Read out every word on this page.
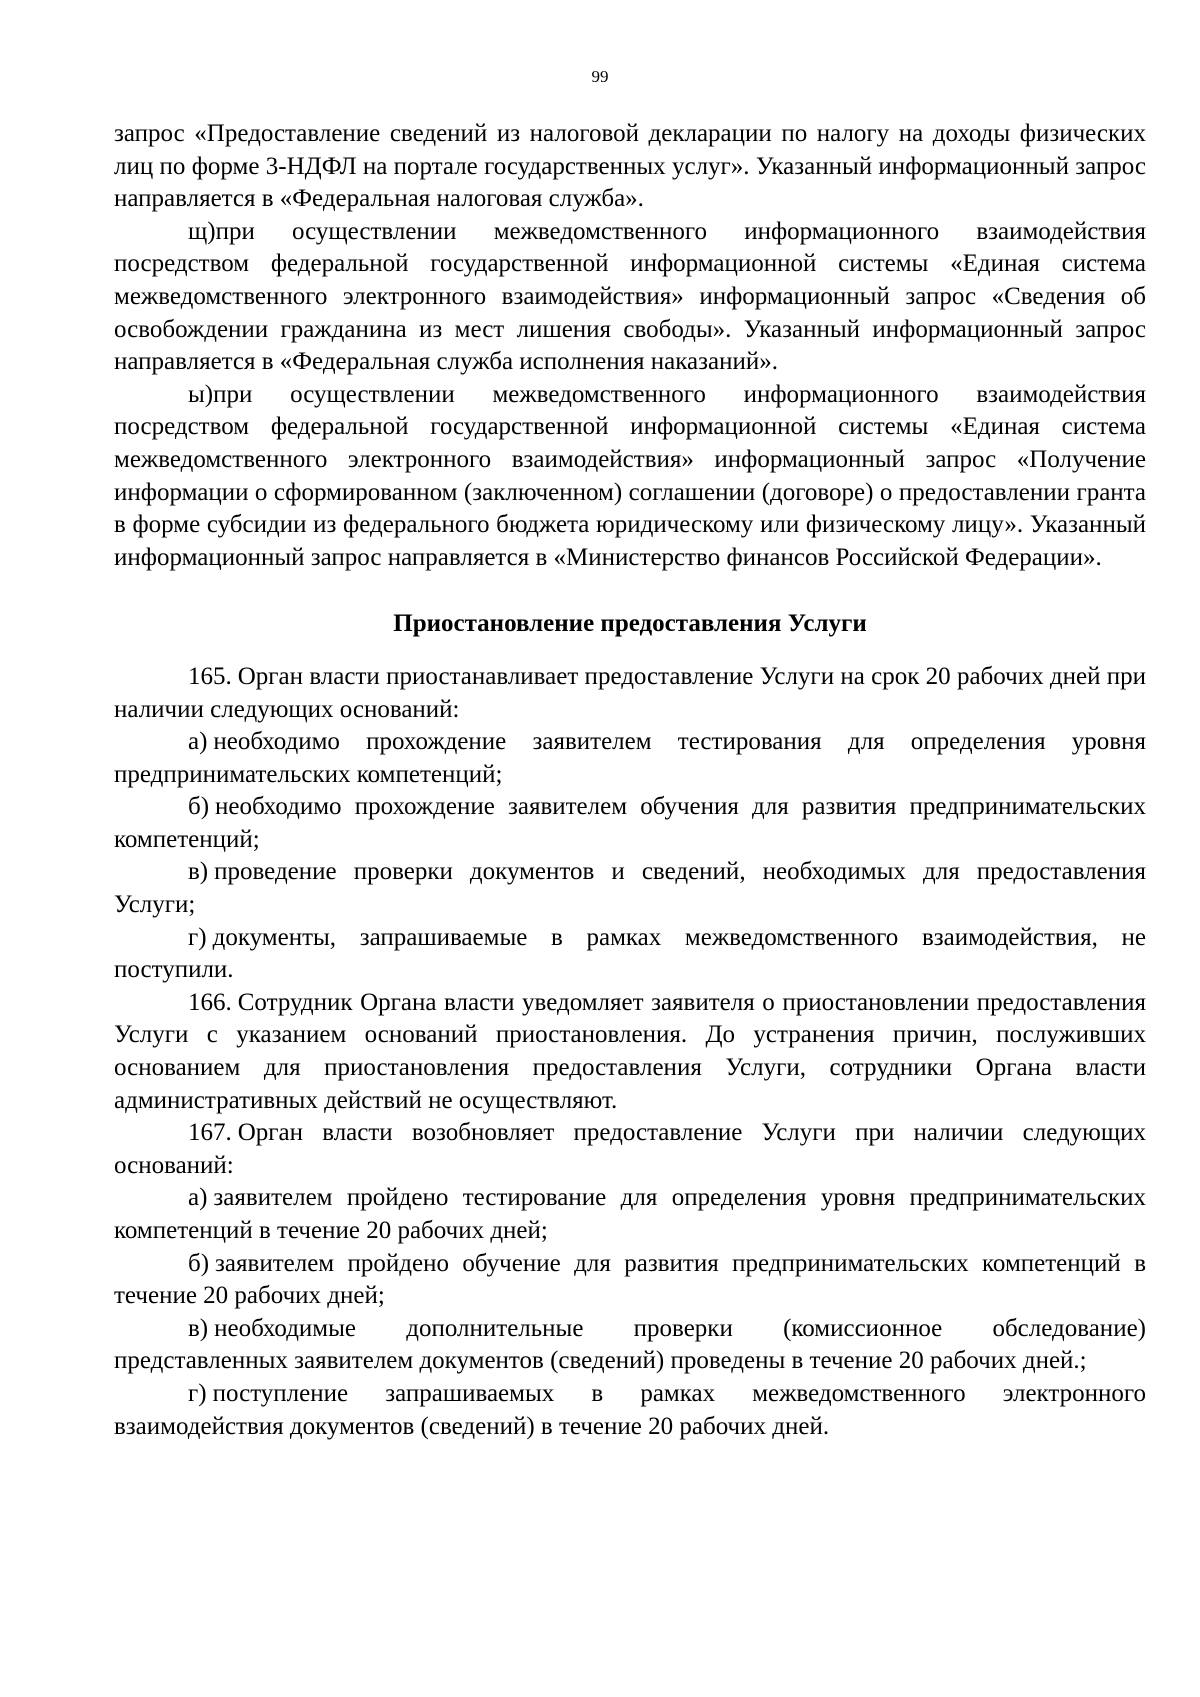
99

запрос «Предоставление сведений из налоговой декларации по налогу на доходы физических лиц по форме 3-НДФЛ на портале государственных услуг». Указанный информационный запрос направляется в «Федеральная налоговая служба».

щ)при осуществлении межведомственного информационного взаимодействия посредством федеральной государственной информационной системы «Единая система межведомственного электронного взаимодействия» информационный запрос «Сведения об освобождении гражданина из мест лишения свободы». Указанный информационный запрос направляется в «Федеральная служба исполнения наказаний».

ы)при осуществлении межведомственного информационного взаимодействия посредством федеральной государственной информационной системы «Единая система межведомственного электронного взаимодействия» информационный запрос «Получение информации о сформированном (заключенном) соглашении (договоре) о предоставлении гранта в форме субсидии из федерального бюджета юридическому или физическому лицу». Указанный информационный запрос направляется в «Министерство финансов Российской Федерации».

Приостановление предоставления Услуги

165. Орган власти приостанавливает предоставление Услуги на срок 20 рабочих дней при наличии следующих оснований:

а) необходимо прохождение заявителем тестирования для определения уровня предпринимательских компетенций;

б) необходимо прохождение заявителем обучения для развития предпринимательских компетенций;

в) проведение проверки документов и сведений, необходимых для предоставления Услуги;

г) документы, запрашиваемые в рамках межведомственного взаимодействия, не поступили.

166. Сотрудник Органа власти уведомляет заявителя о приостановлении предоставления Услуги с указанием оснований приостановления. До устранения причин, послуживших основанием для приостановления предоставления Услуги, сотрудники Органа власти административных действий не осуществляют.

167. Орган власти возобновляет предоставление Услуги при наличии следующих оснований:

а) заявителем пройдено тестирование для определения уровня предпринимательских компетенций в течение 20 рабочих дней;

б) заявителем пройдено обучение для развития предпринимательских компетенций в течение 20 рабочих дней;

в) необходимые дополнительные проверки (комиссионное обследование) представленных заявителем документов (сведений) проведены в течение 20 рабочих дней.;

г) поступление запрашиваемых в рамках межведомственного электронного взаимодействия документов (сведений) в течение 20 рабочих дней.
